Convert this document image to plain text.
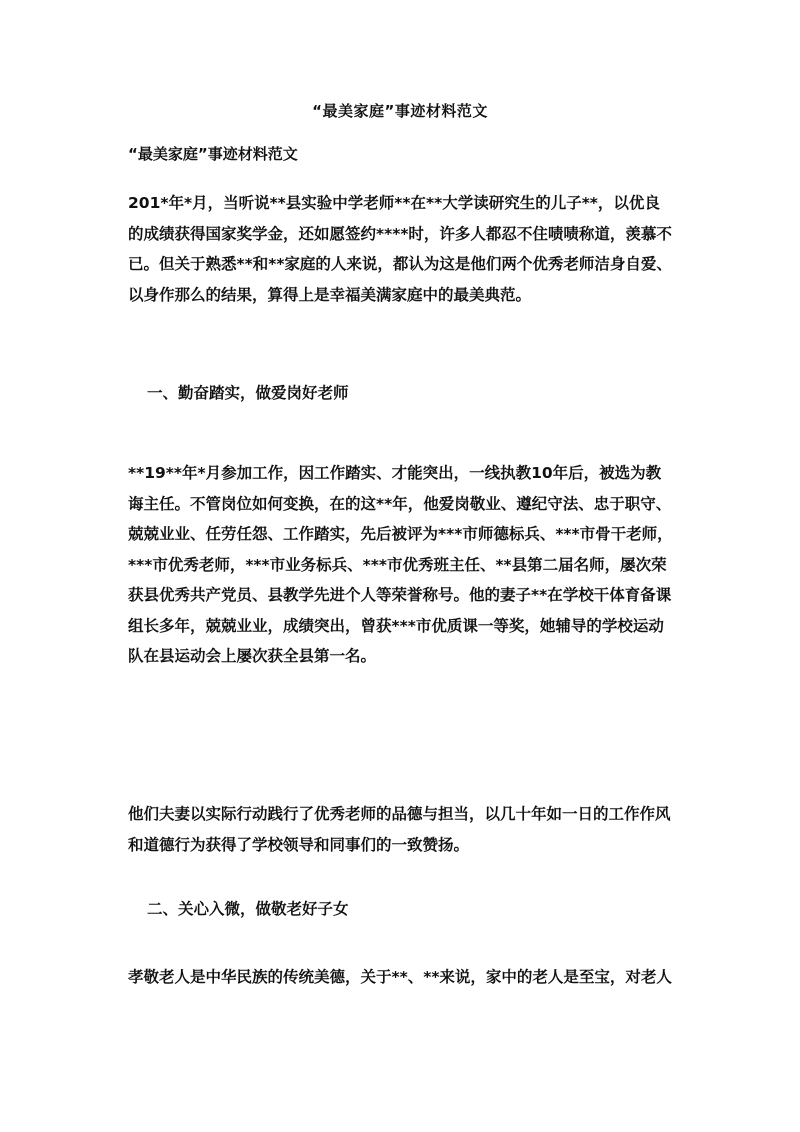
“最美家庭”事迹材料范文
“最美家庭”事迹材料范文

201*年*月，当听说**县实验中学老师**在**大学读研究生的儿子**，以优良的成绩获得国家奖学金，还如愿签约****时，许多人都忍不住啧啧称道，羡慕不已。但关于熟悉**和**家庭的人来说，都认为这是他们两个优秀老师洁身自爱、以身作那么的结果，算得上是幸福美满家庭中的最美典范。

一、勤奋踏实，做爱岗好老师

**19**年*月参加工作，因工作踏实、才能突出，一线执教10年后，被选为教诲主任。不管岗位如何变换，在的这**年，他爱岗敬业、遵纪守法、忠于职守、兢兢业业、任劳任怨、工作踏实，先后被评为***市师德标兵、***市骨干老师，***市优秀老师，***市业务标兵、***市优秀班主任、**县第二届名师，屡次荣获县优秀共产党员、县教学先进个人等荣誉称号。他的妻子**在学校干体育备课组长多年，兢兢业业，成绩突出，曾获***市优质课一等奖，她辅导的学校运动队在县运动会上屡次获全县第一名。

他们夫妻以实际行动践行了优秀老师的品德与担当，以几十年如一日的工作作风和道德行为获得了学校领导和同事们的一致赞扬。

二、关心入微，做敬老好子女

孝敬老人是中华民族的传统美德，关于**、**来说，家中的老人是至宝，对老人
